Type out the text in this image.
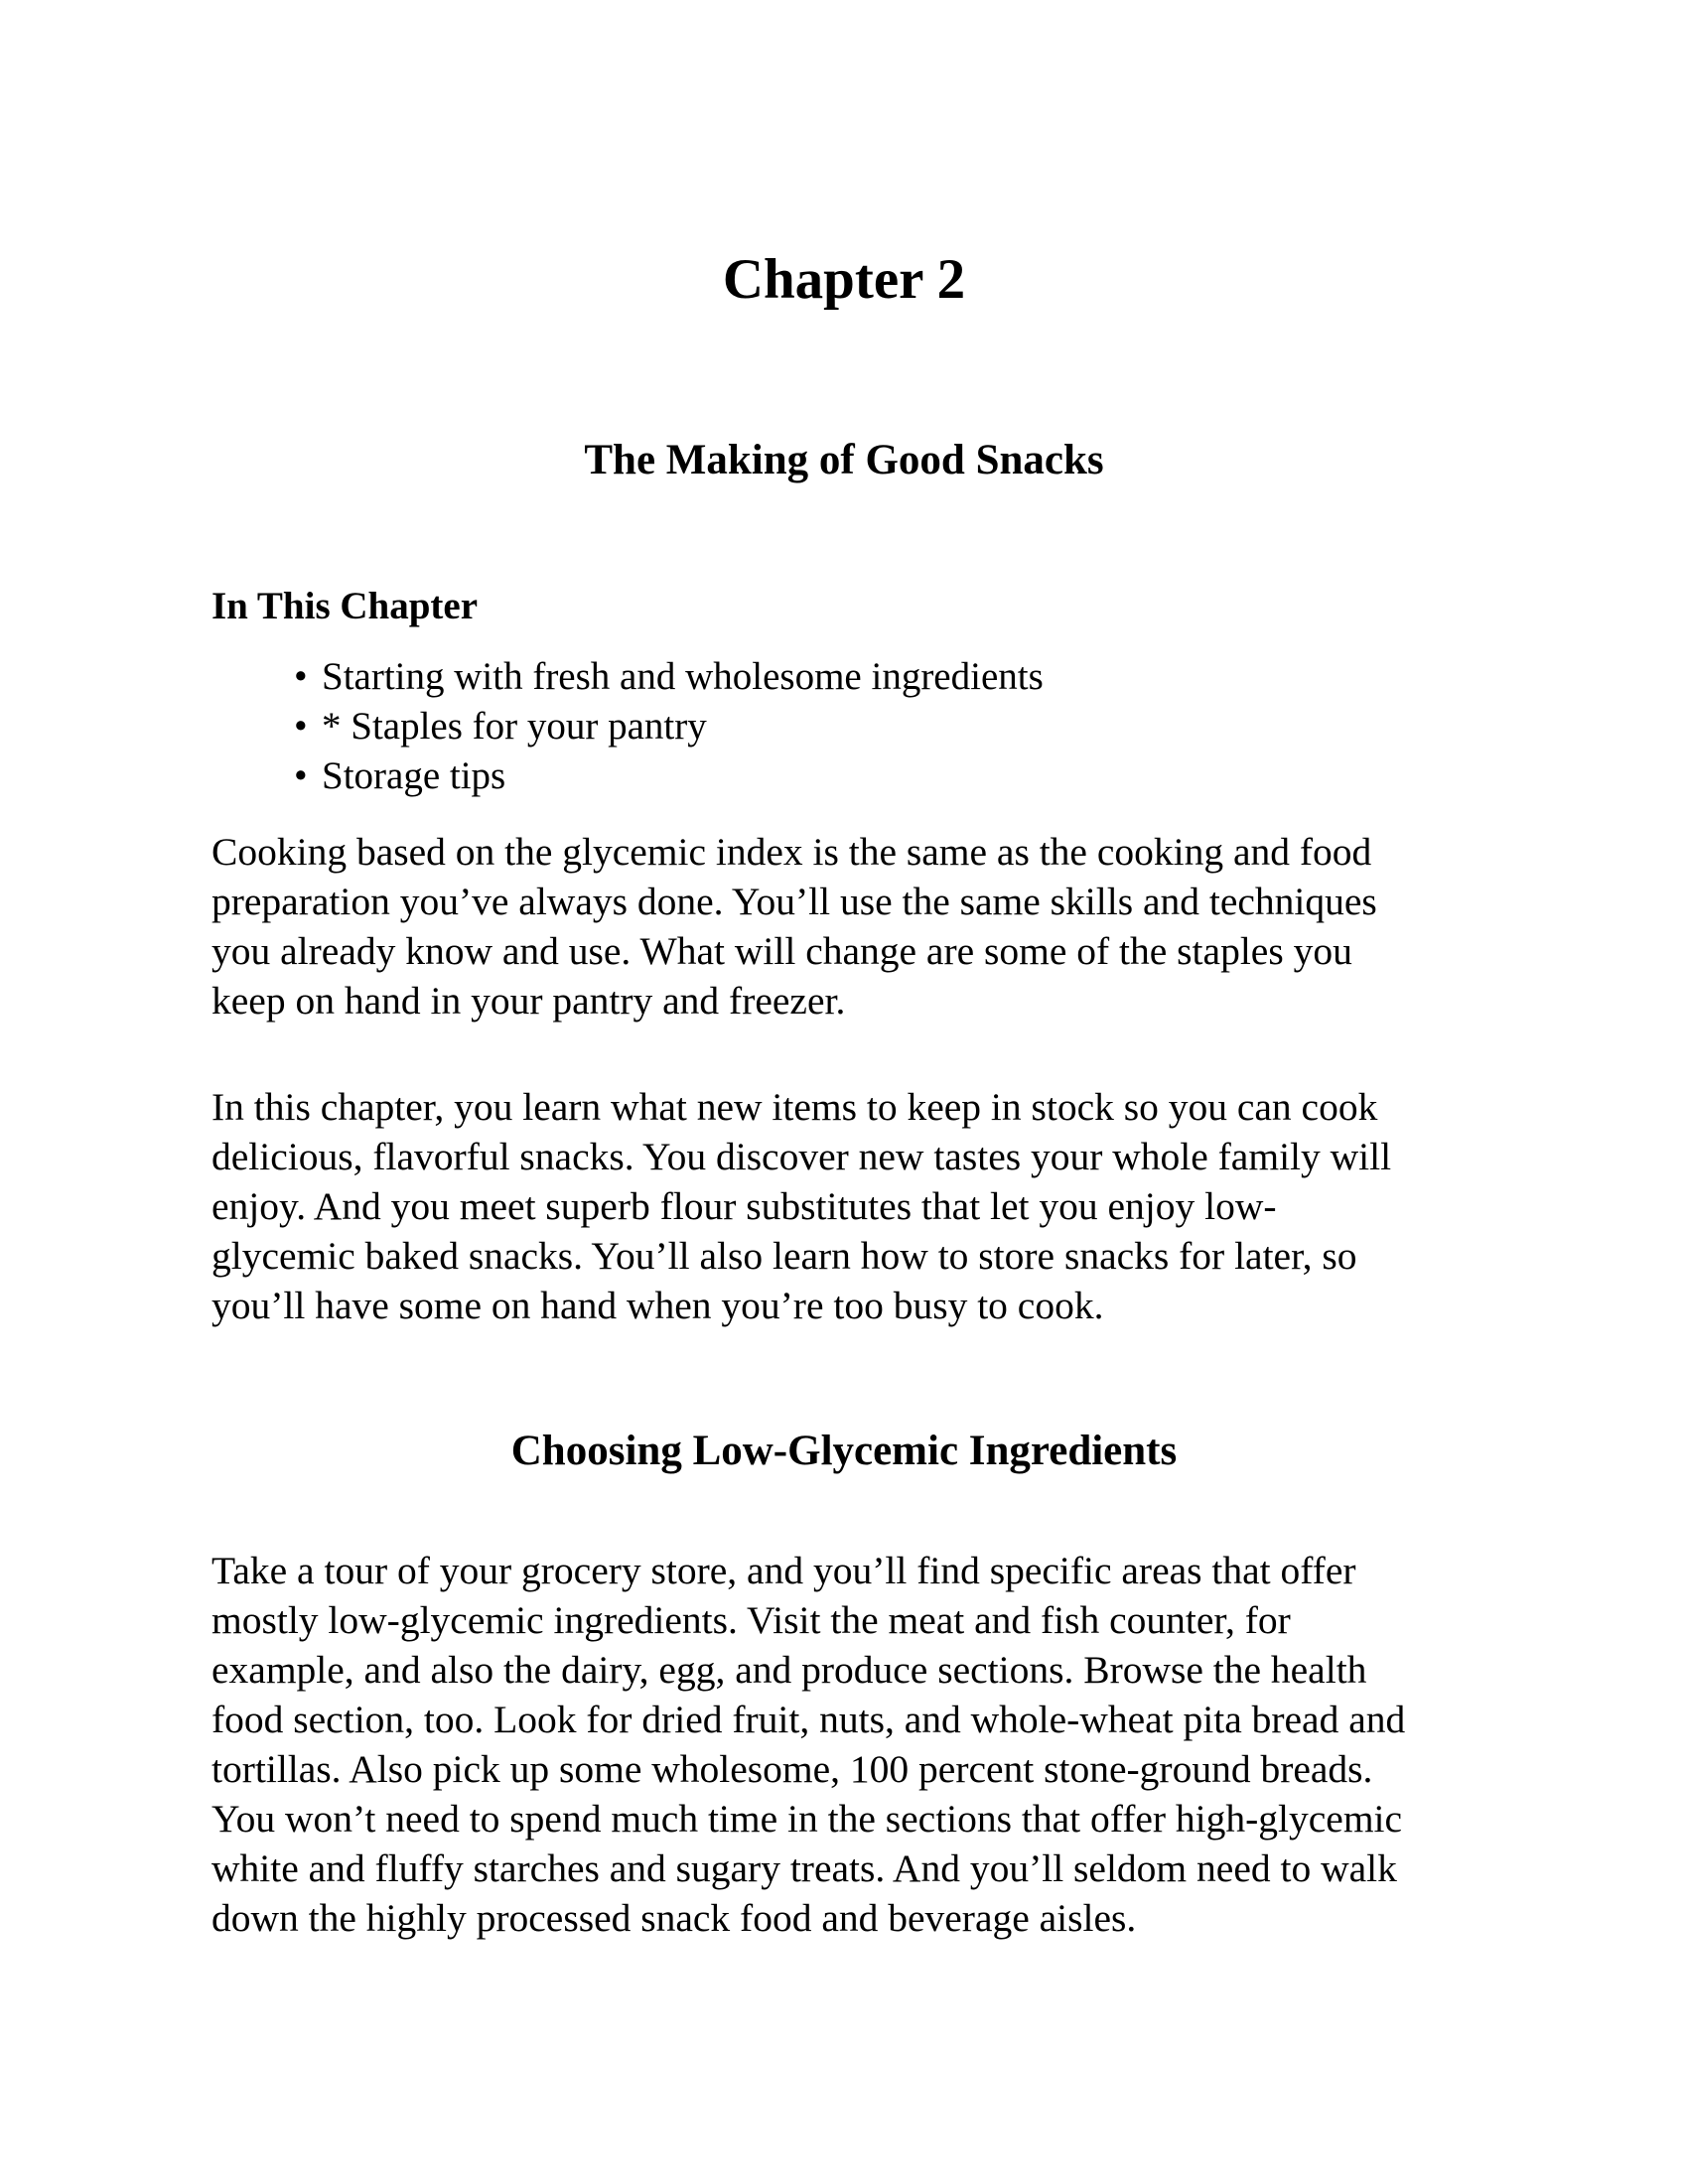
Chapter 2
The Making of Good Snacks
In This Chapter
• Starting with fresh and wholesome ingredients
• * Staples for your pantry
• Storage tips

Cooking based on the glycemic index is the same as the cooking and food
preparation you’ve always done. You’ll use the same skills and techniques
you already know and use. What will change are some of the staples you
keep on hand in your pantry and freezer.

In this chapter, you learn what new items to keep in stock so you can cook
delicious, flavorful snacks. You discover new tastes your whole family will
enjoy. And you meet superb flour substitutes that let you enjoy low-
glycemic baked snacks. You’ll also learn how to store snacks for later, so
you’ll have some on hand when you’re too busy to cook.

Choosing Low-Glycemic Ingredients

Take a tour of your grocery store, and you’ll find specific areas that offer
mostly low-glycemic ingredients. Visit the meat and fish counter, for
example, and also the dairy, egg, and produce sections. Browse the health
food section, too. Look for dried fruit, nuts, and whole-wheat pita bread and
tortillas. Also pick up some wholesome, 100 percent stone-ground breads.
You won’t need to spend much time in the sections that offer high-glycemic
white and fluffy starches and sugary treats. And you’ll seldom need to walk
down the highly processed snack food and beverage aisles.
